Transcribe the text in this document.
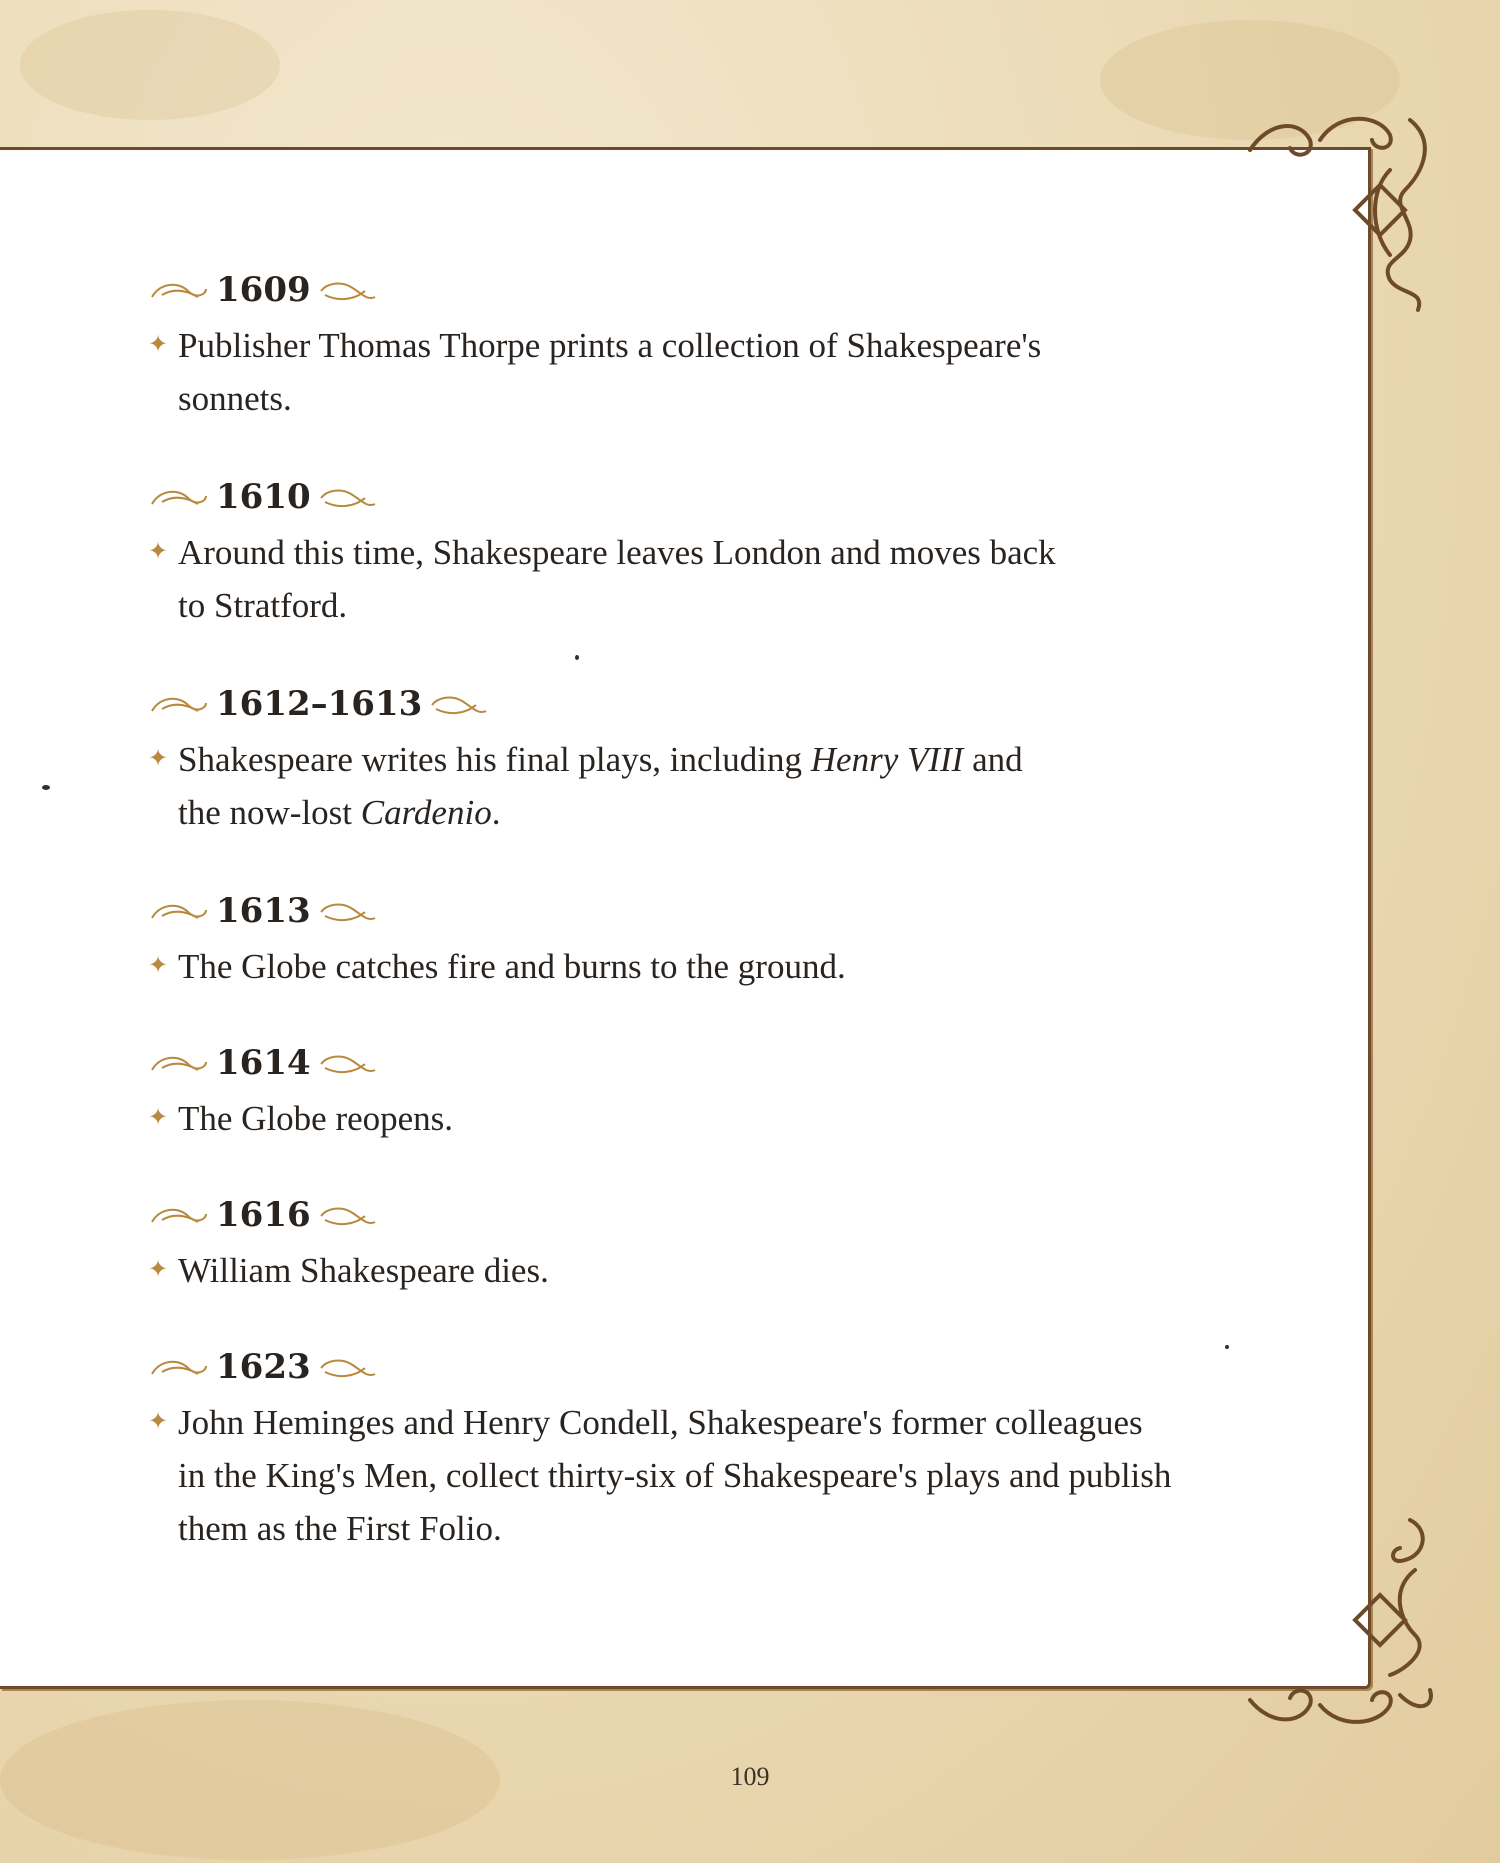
1609
✦ Publisher Thomas Thorpe prints a collection of Shakespeare's
sonnets.
1610
✦ Around this time, Shakespeare leaves London and moves back
to Stratford.
1612–1613
✦ Shakespeare writes his final plays, including Henry VIII and
the now-lost Cardenio.
1613
✦ The Globe catches fire and burns to the ground.
1614
✦ The Globe reopens.
1616
✦ William Shakespeare dies.
1623
✦ John Heminges and Henry Condell, Shakespeare's former colleagues
in the King's Men, collect thirty-six of Shakespeare's plays and publish
them as the First Folio.
109
